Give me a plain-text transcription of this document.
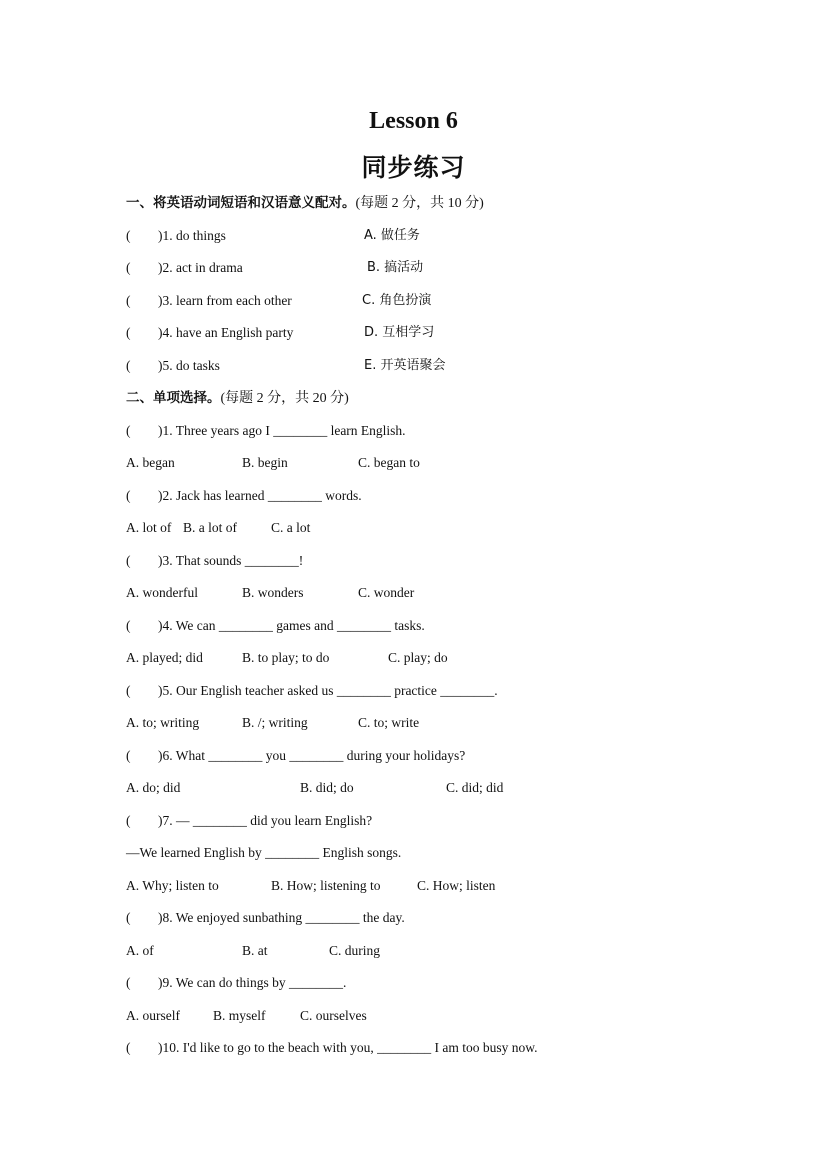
Lesson 6
同步练习
一、将英语动词短语和汉语意义配对。(每题 2 分，共 10 分)
( )1. do things	A. 做任务
( )2. act in drama	B. 搞活动
( )3. learn from each other	C. 角色扮演
( )4. have an English party	D. 互相学习
( )5. do tasks	E. 开英语聚会
二、单项选择。(每题 2 分，共 20 分)
( )1. Three years ago I ________ learn English.
A. began	B. begin	C. began to
( )2. Jack has learned ________ words.
A. lot of B. a lot of	C. a lot
( )3. That sounds ________!
A. wonderful	B. wonders	C. wonder
( )4. We can ________ games and ________ tasks.
A. played; did	B. to play; to do	C. play; do
( )5. Our English teacher asked us ________ practice ________.
A. to; writing	B. /; writing	C. to; write
( )6. What ________ you ________ during your holidays?
A. do; did	B. did; do	C. did; did
( )7. — ________ did you learn English?
—We learned English by ________ English songs.
A. Why; listen to	B. How; listening to	C. How; listen
( )8. We enjoyed sunbathing ________ the day.
A. of	B. at	C. during
( )9. We can do things by ________.
A. ourself B. myself	C. ourselves
( )10. I'd like to go to the beach with you, ________ I am too busy now.
